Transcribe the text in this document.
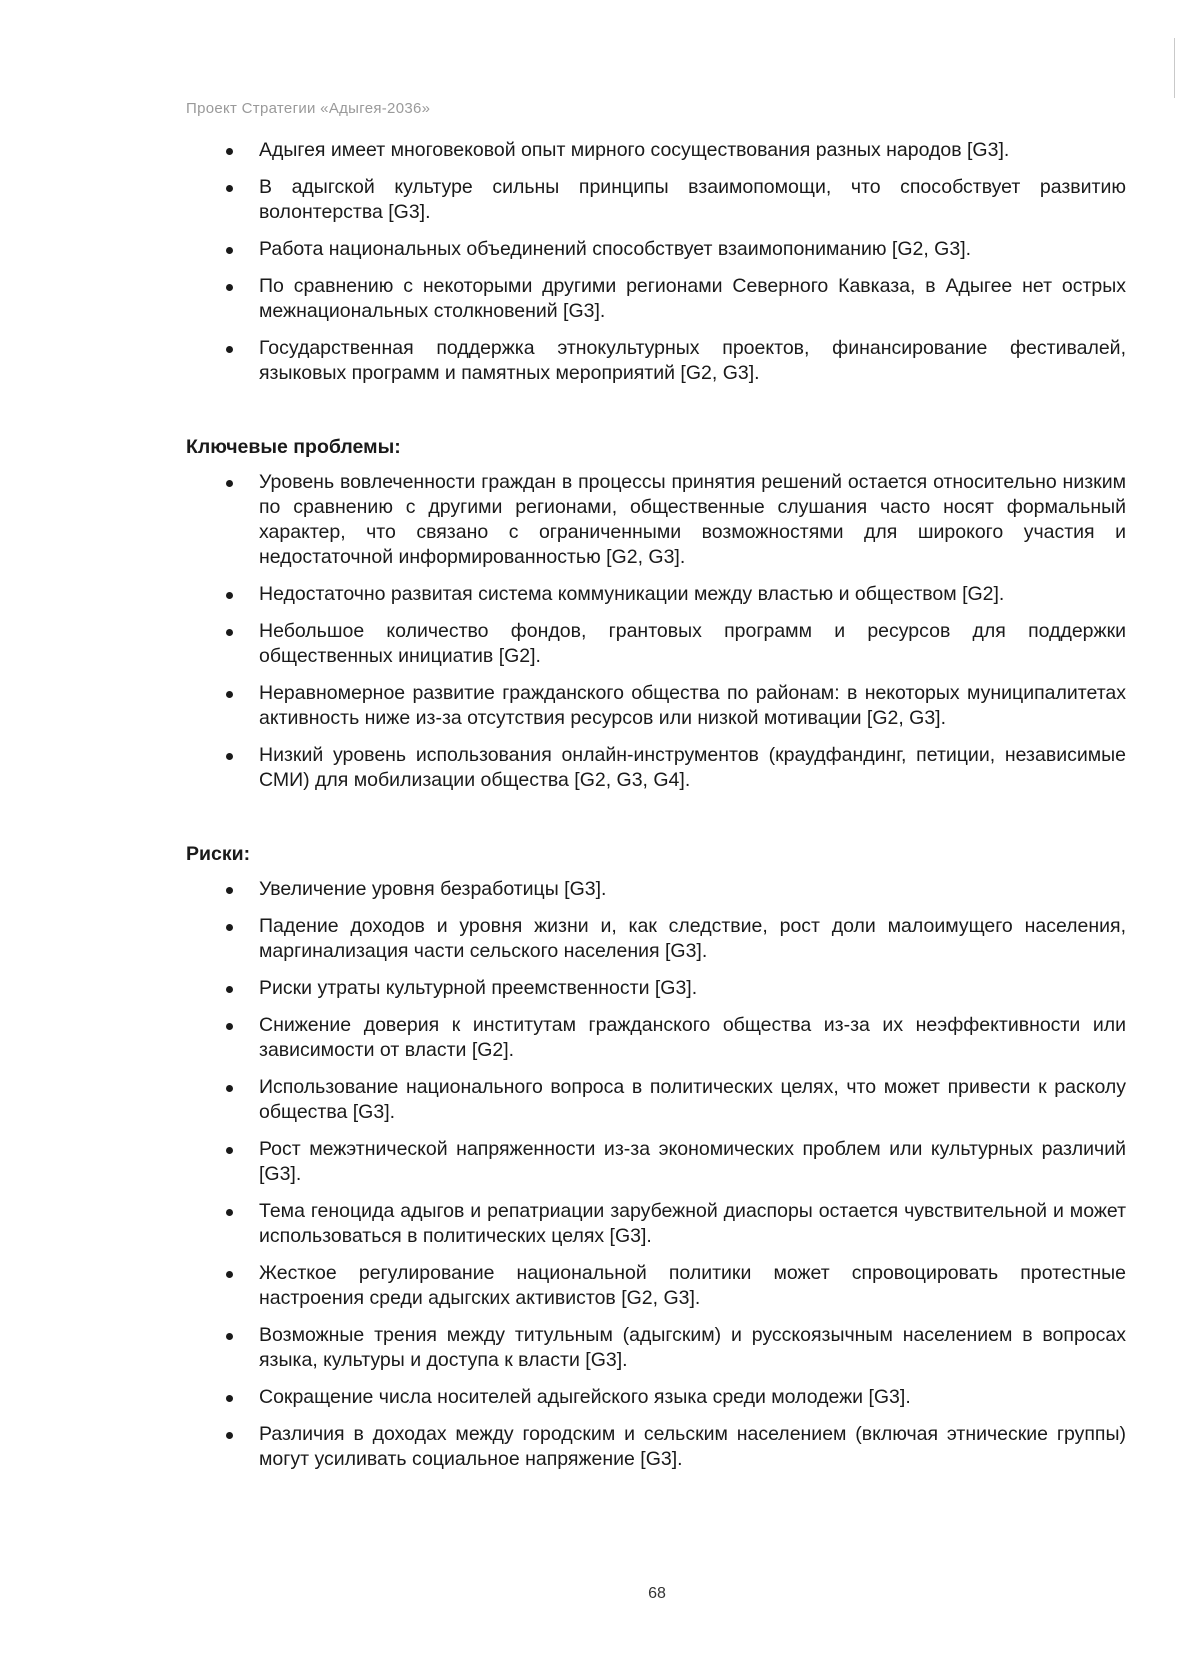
Проект Стратегии «Адыгея-2036»
Адыгея имеет многовековой опыт мирного сосуществования разных народов [G3].
В адыгской культуре сильны принципы взаимопомощи, что способствует развитию волонтерства [G3].
Работа национальных объединений способствует взаимопониманию [G2, G3].
По сравнению с некоторыми другими регионами Северного Кавказа, в Адыгее нет острых межнациональных столкновений [G3].
Государственная поддержка этнокультурных проектов, финансирование фестивалей, языковых программ и памятных мероприятий [G2, G3].
Ключевые проблемы:
Уровень вовлеченности граждан в процессы принятия решений остается относительно низким по сравнению с другими регионами, общественные слушания часто носят формальный характер, что связано с ограниченными возможностями для широкого участия и недостаточной информированностью [G2, G3].
Недостаточно развитая система коммуникации между властью и обществом [G2].
Небольшое количество фондов, грантовых программ и ресурсов для поддержки общественных инициатив [G2].
Неравномерное развитие гражданского общества по районам: в некоторых муниципалитетах активность ниже из-за отсутствия ресурсов или низкой мотивации [G2, G3].
Низкий уровень использования онлайн-инструментов (краудфандинг, петиции, независимые СМИ) для мобилизации общества [G2, G3, G4].
Риски:
Увеличение уровня безработицы [G3].
Падение доходов и уровня жизни и, как следствие, рост доли малоимущего населения, маргинализация части сельского населения [G3].
Риски утраты культурной преемственности [G3].
Снижение доверия к институтам гражданского общества из-за их неэффективности или зависимости от власти [G2].
Использование национального вопроса в политических целях, что может привести к расколу общества [G3].
Рост межэтнической напряженности из-за экономических проблем или культурных различий [G3].
Тема геноцида адыгов и репатриации зарубежной диаспоры остается чувствительной и может использоваться в политических целях [G3].
Жесткое регулирование национальной политики может спровоцировать протестные настроения среди адыгских активистов [G2, G3].
Возможные трения между титульным (адыгским) и русскоязычным населением в вопросах языка, культуры и доступа к власти [G3].
Сокращение числа носителей адыгейского языка среди молодежи [G3].
Различия в доходах между городским и сельским населением (включая этнические группы) могут усиливать социальное напряжение [G3].
68
